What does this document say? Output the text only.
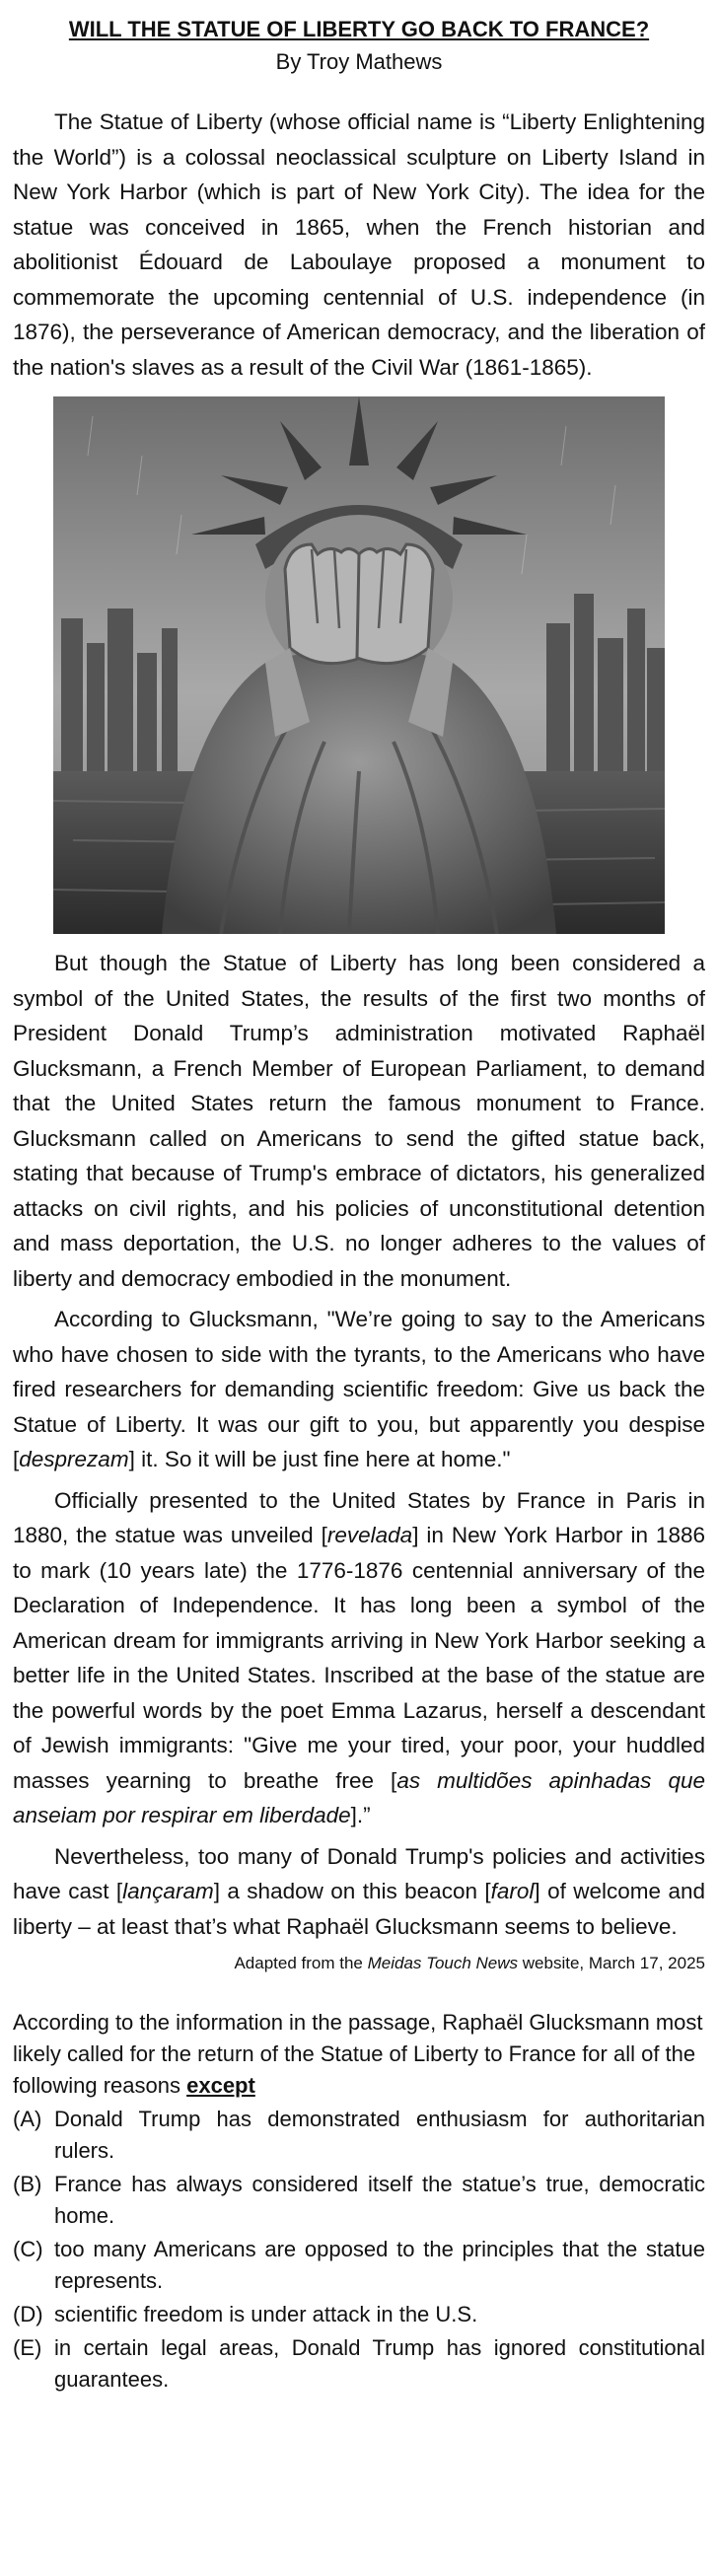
WILL THE STATUE OF LIBERTY GO BACK TO FRANCE?
By Troy Mathews

The Statue of Liberty (whose official name is “Liberty Enlightening the World”) is a colossal neoclassical sculpture on Liberty Island in New York Harbor (which is part of New York City). The idea for the statue was conceived in 1865, when the French historian and abolitionist Édouard de Laboulaye proposed a monument to commemorate the upcoming centennial of U.S. independence (in 1876), the perseverance of American democracy, and the liberation of the nation's slaves as a result of the Civil War (1861-1865).

But though the Statue of Liberty has long been considered a symbol of the United States, the results of the first two months of President Donald Trump’s administration motivated Raphaël Glucksmann, a French Member of European Parliament, to demand that the United States return the famous monument to France. Glucksmann called on Americans to send the gifted statue back, stating that because of Trump's embrace of dictators, his generalized attacks on civil rights, and his policies of unconstitutional detention and mass deportation, the U.S. no longer adheres to the values of liberty and democracy embodied in the monument.

According to Glucksmann, "We’re going to say to the Americans who have chosen to side with the tyrants, to the Americans who have fired researchers for demanding scientific freedom: Give us back the Statue of Liberty. It was our gift to you, but apparently you despise [desprezam] it. So it will be just fine here at home."

Officially presented to the United States by France in Paris in 1880, the statue was unveiled [revelada] in New York Harbor in 1886 to mark (10 years late) the 1776-1876 centennial anniversary of the Declaration of Independence. It has long been a symbol of the American dream for immigrants arriving in New York Harbor seeking a better life in the United States. Inscribed at the base of the statue are the powerful words by the poet Emma Lazarus, herself a descendant of Jewish immigrants: "Give me your tired, your poor, your huddled masses yearning to breathe free [as multidões apinhadas que anseiam por respirar em liberdade].”

Nevertheless, too many of Donald Trump's policies and activities have cast [lançaram] a shadow on this beacon [farol] of welcome and liberty – at least that’s what Raphaël Glucksmann seems to believe.

Adapted from the Meidas Touch News website, March 17, 2025
According to the information in the passage, Raphaël Glucksmann most likely called for the return of the Statue of Liberty to France for all of the following reasons except
(A) Donald Trump has demonstrated enthusiasm for authoritarian rulers.
(B) France has always considered itself the statue’s true, democratic home.
(C) too many Americans are opposed to the principles that the statue represents.
(D) scientific freedom is under attack in the U.S.
(E) in certain legal areas, Donald Trump has ignored constitutional guarantees.
